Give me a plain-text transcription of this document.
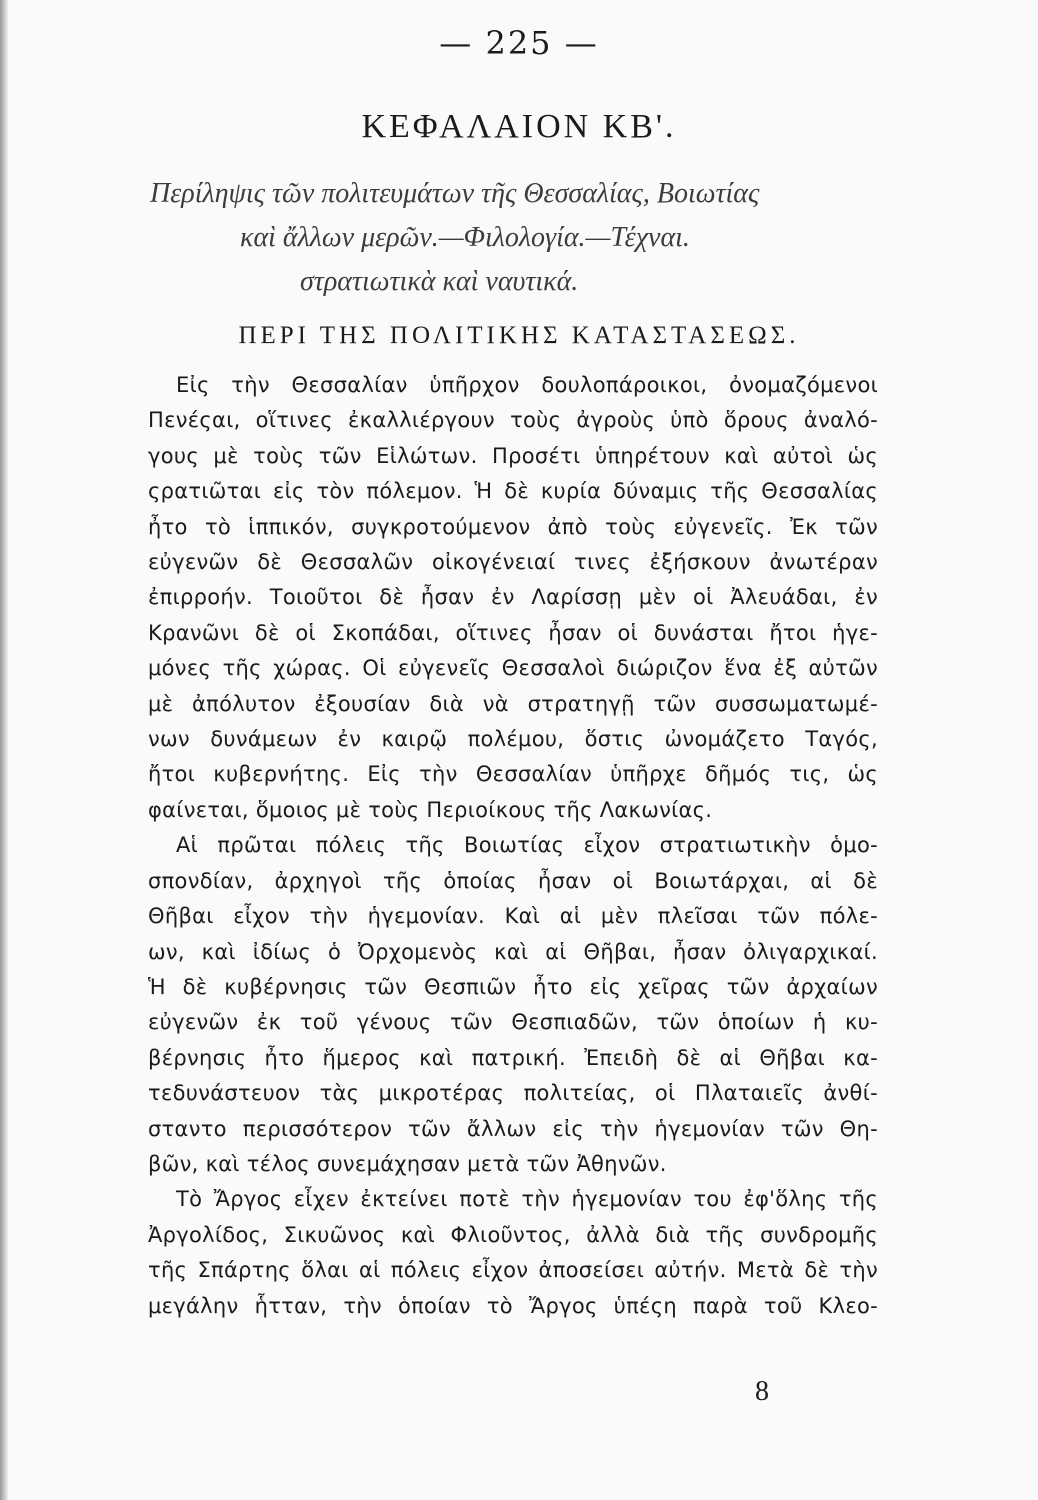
— 225 —
ΚΕΦΑΛΑΙΟΝ ΚΒ'.
Περίληψις τῶν πολιτευμάτων τῆς Θεσσαλίας, Βοιωτίας
καὶ ἄλλων μερῶν.—Φιλολογία.—Τέχναι.
στρατιωτικὰ καὶ ναυτικά.
ΠΕΡΙ ΤΗΣ ΠΟΛΙΤΙΚΗΣ ΚΑΤΑΣΤΑΣΕΩΣ.
Εἰς τὴν Θεσσαλίαν ὑπῆρχον δουλοπάροικοι, ὀνομαζόμενοι
Πενέςαι, οἵτινες ἐκαλλιέργουν τοὺς ἀγροὺς ὑπὸ ὅρους ἀναλό-
γους μὲ τοὺς τῶν Εἱλώτων. Προσέτι ὑπηρέτουν καὶ αὐτοὶ ὡς
ςρατιῶται εἰς τὸν πόλεμον. Ἡ δὲ κυρία δύναμις τῆς Θεσσαλίας
ἦτο τὸ ἱππικόν, συγκροτούμενον ἀπὸ τοὺς εὐγενεῖς. Ἐκ τῶν
εὐγενῶν δὲ Θεσσαλῶν οἰκογένειαί τινες ἐξήσκουν ἀνωτέραν
ἐπιρροήν. Τοιοῦτοι δὲ ἦσαν ἐν Λαρίσσῃ μὲν οἱ Ἀλευάδαι, ἐν
Κρανῶνι δὲ οἱ Σκοπάδαι, οἵτινες ἦσαν οἱ δυνάσται ἤτοι ἡγε-
μόνες τῆς χώρας. Οἱ εὐγενεῖς Θεσσαλοὶ διώριζον ἕνα ἐξ αὐτῶν
μὲ ἀπόλυτον ἐξουσίαν διὰ νὰ στρατηγῇ τῶν συσσωματωμέ-
νων δυνάμεων ἐν καιρῷ πολέμου, ὅστις ὠνομάζετο Ταγός,
ἤτοι κυβερνήτης. Εἰς τὴν Θεσσαλίαν ὑπῆρχε δῆμός τις, ὡς
φαίνεται, ὅμοιος μὲ τοὺς Περιοίκους τῆς Λακωνίας.
Αἱ πρῶται πόλεις τῆς Βοιωτίας εἶχον στρατιωτικὴν ὁμο-
σπονδίαν, ἀρχηγοὶ τῆς ὁποίας ἦσαν οἱ Βοιωτάρχαι, αἱ δὲ
Θῆβαι εἶχον τὴν ἡγεμονίαν. Καὶ αἱ μὲν πλεῖσαι τῶν πόλε-
ων, καὶ ἰδίως ὁ Ὀρχομενὸς καὶ αἱ Θῆβαι, ἦσαν ὀλιγαρχικαί.
Ἡ δὲ κυβέρνησις τῶν Θεσπιῶν ἦτο εἰς χεῖρας τῶν ἀρχαίων
εὐγενῶν ἐκ τοῦ γένους τῶν Θεσπιαδῶν, τῶν ὁποίων ἡ κυ-
βέρνησις ἦτο ἥμερος καὶ πατρική. Ἐπειδὴ δὲ αἱ Θῆβαι κα-
τεδυνάστευον τὰς μικροτέρας πολιτείας, οἱ Πλαταιεῖς ἀνθί-
σταντο περισσότερον τῶν ἄλλων εἰς τὴν ἡγεμονίαν τῶν Θη-
βῶν, καὶ τέλος συνεμάχησαν μετὰ τῶν Ἀθηνῶν.
Τὸ Ἄργος εἶχεν ἐκτείνει ποτὲ τὴν ἡγεμονίαν του ἐφ'ὅλης τῆς
Ἀργολίδος, Σικυῶνος καὶ Φλιοῦντος, ἀλλὰ διὰ τῆς συνδρομῆς
τῆς Σπάρτης ὅλαι αἱ πόλεις εἶχον ἀποσείσει αὐτήν. Μετὰ δὲ τὴν
μεγάλην ἧτταν, τὴν ὁποίαν τὸ Ἄργος ὑπέςη παρὰ τοῦ Κλεο-
8
